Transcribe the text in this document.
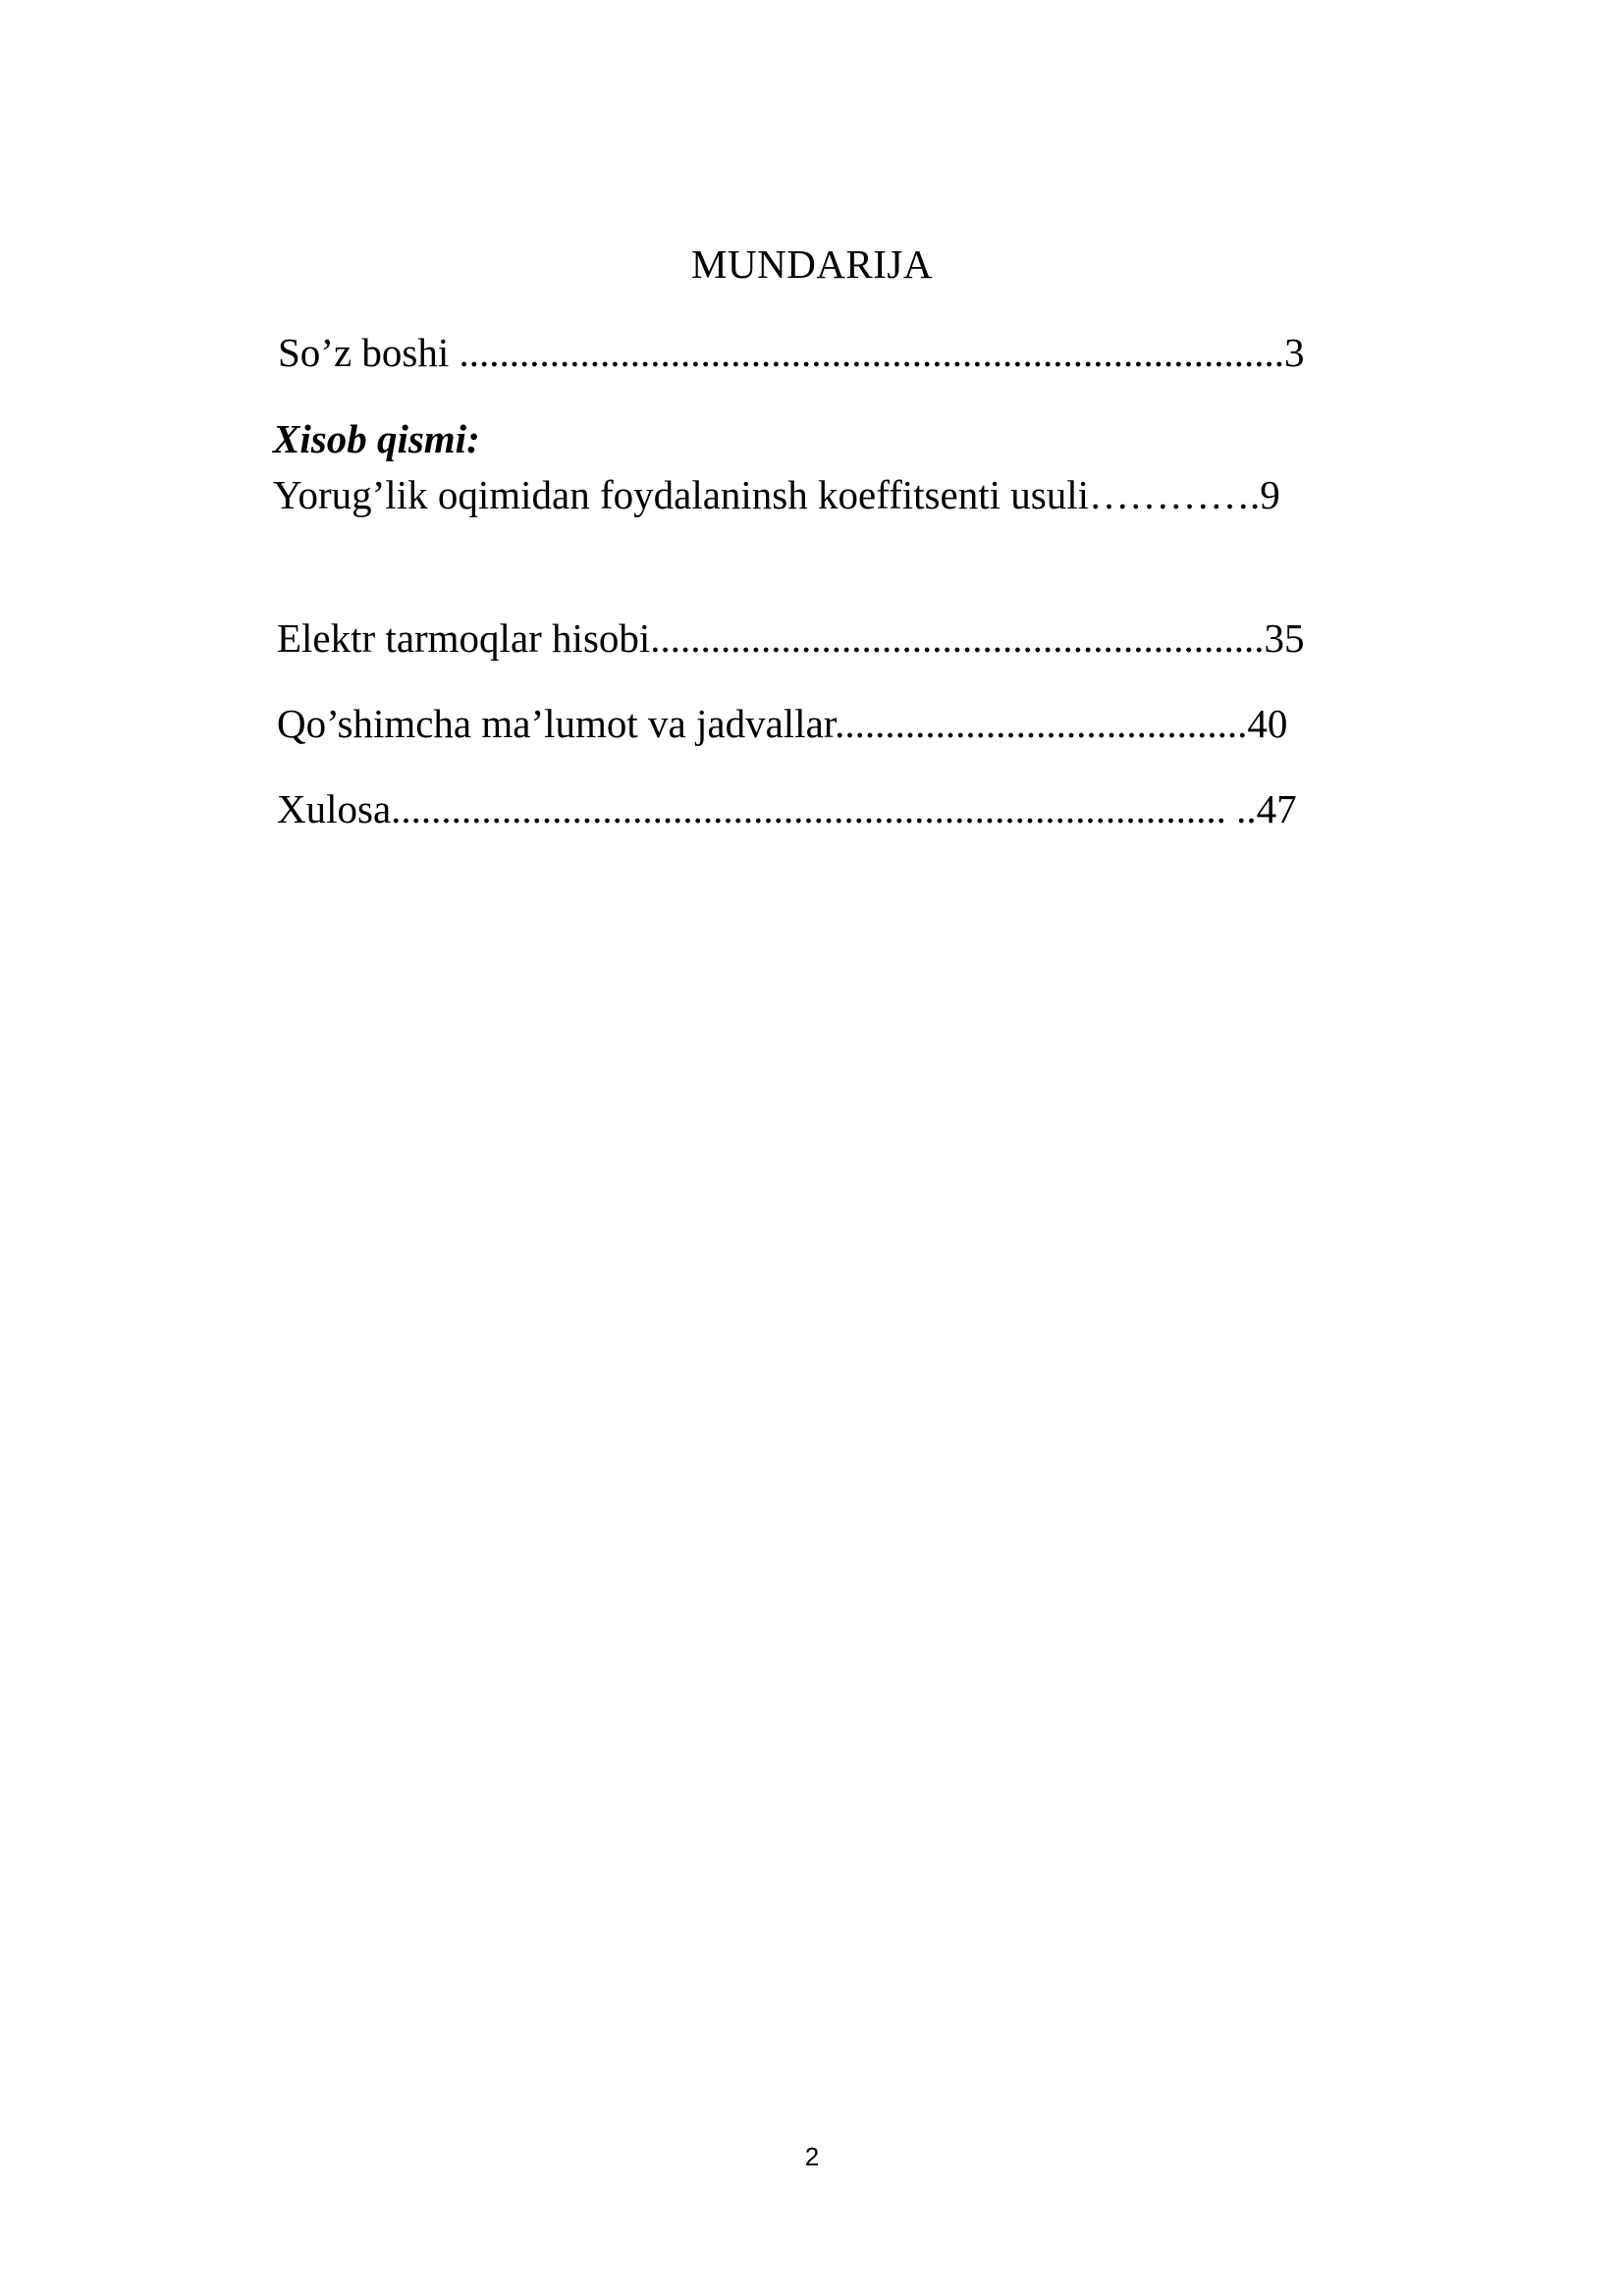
MUNDARIJA
So’z boshi ..................................................................................3
Xisob qismi:
Yorug’lik oqimidan foydalaninsh koeffitsenti usuli………….9
Elektr tarmoqlar hisobi.............................................................35
Qo’shimcha ma’lumot va jadvallar.........................................40
Xulosa................................................................................... ..47
2
